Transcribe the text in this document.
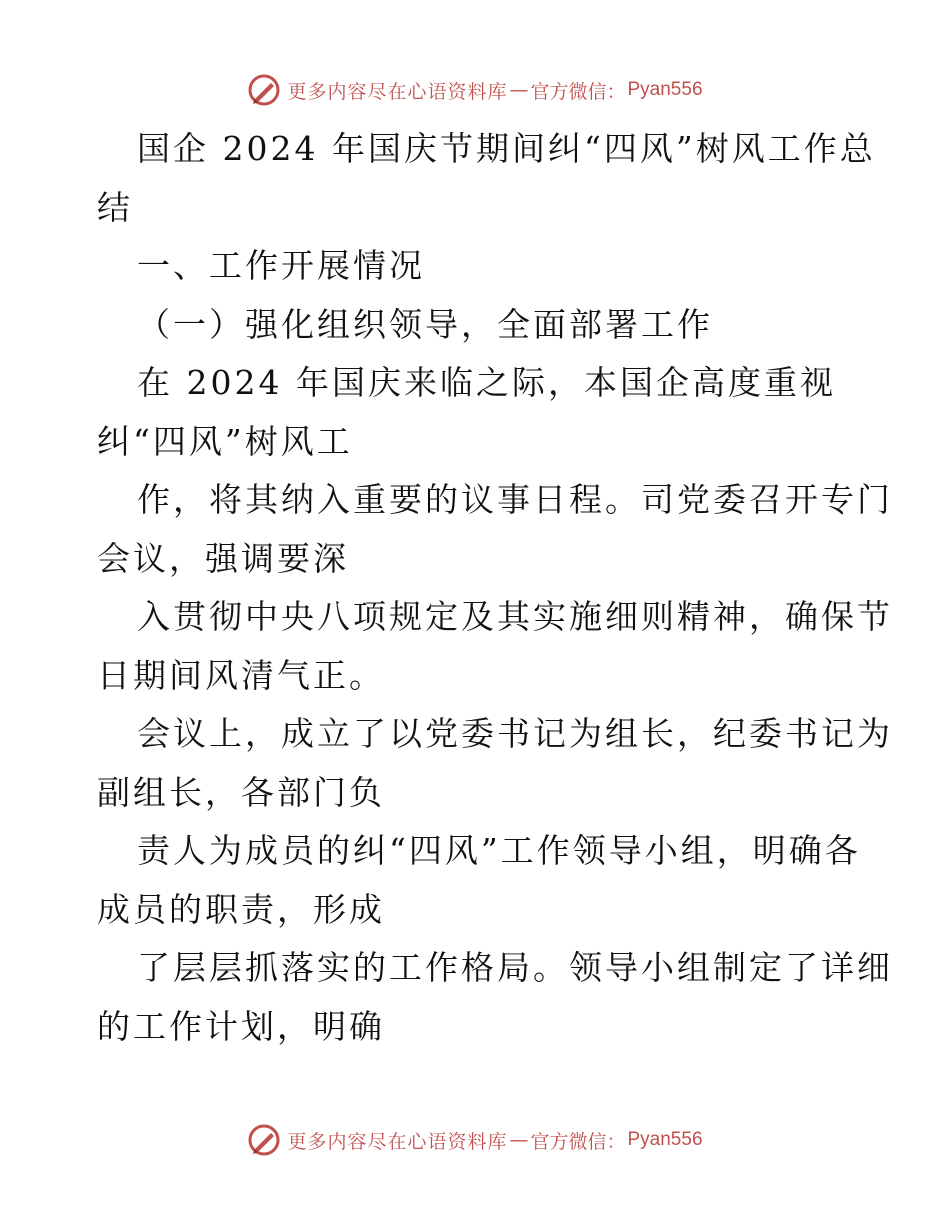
更多内容尽在心语资料库 — 官方微信： Pyan556
国企 2024 年国庆节期间纠“四风”树风工作总
结
一、工作开展情况
（一）强化组织领导，全面部署工作
在 2024 年国庆来临之际，本国企高度重视
纠“四风”树风工
作，将其纳入重要的议事日程。司党委召开专门
会议，强调要深
入贯彻中央八项规定及其实施细则精神，确保节
日期间风清气正。
会议上，成立了以党委书记为组长，纪委书记为
副组长，各部门负
责人为成员的纠“四风”工作领导小组，明确各
成员的职责，形成
了层层抓落实的工作格局。领导小组制定了详细
的工作计划，明确
更多内容尽在心语资料库 — 官方微信： Pyan556
